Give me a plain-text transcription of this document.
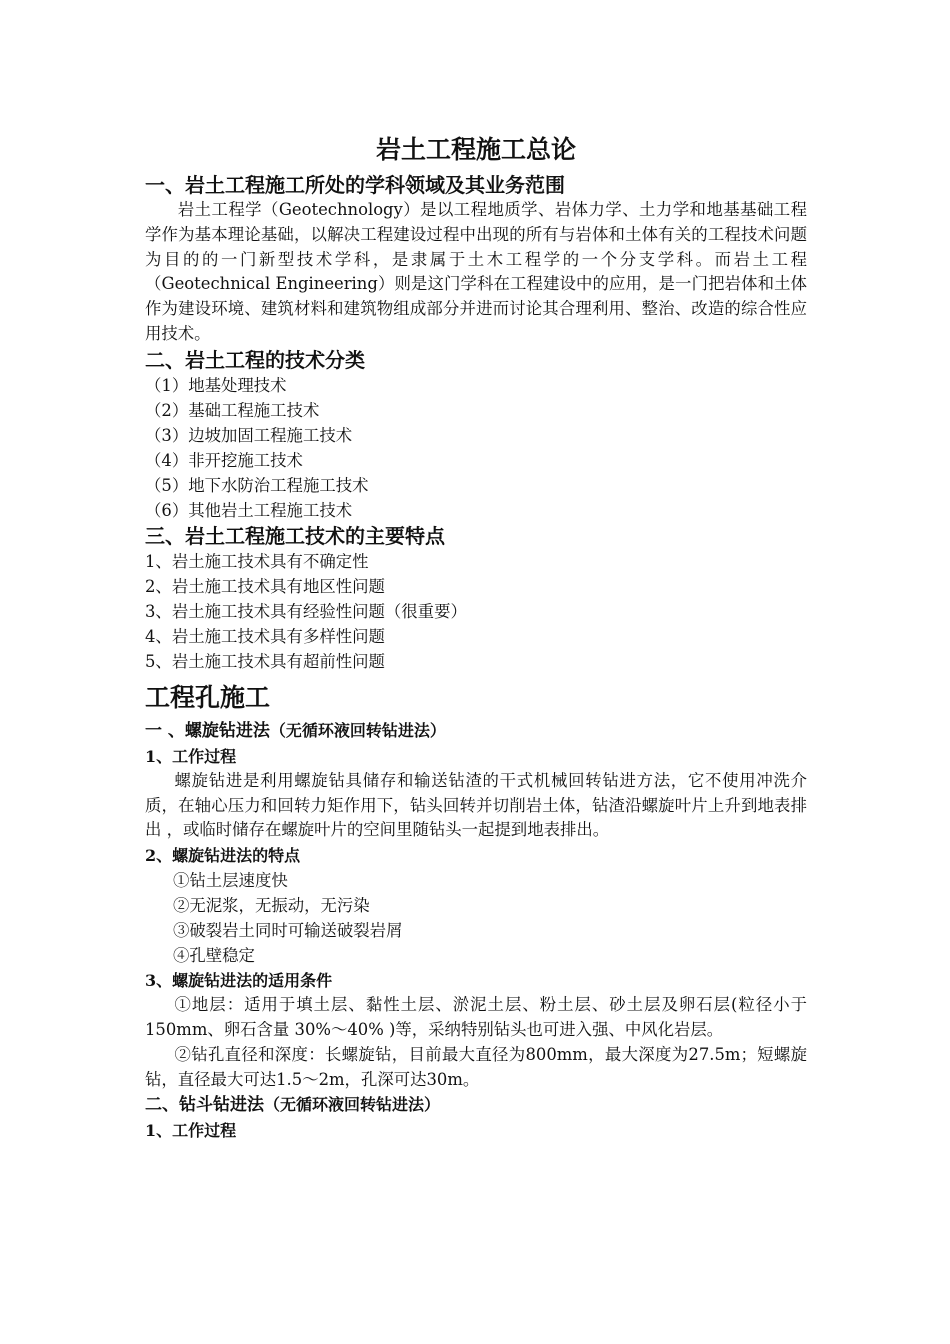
岩土工程施工总论
一、岩土工程施工所处的学科领域及其业务范围

岩土工程学（Geotechnology）是以工程地质学、岩体力学、土力学和地基基础工程学作为基本理论基础，以解决工程建设过程中出现的所有与岩体和土体有关的工程技术问题为目的的一门新型技术学科，是隶属于土木工程学的一个分支学科。而岩土工程（Geotechnical Engineering）则是这门学科在工程建设中的应用，是一门把岩体和土体作为建设环境、建筑材料和建筑物组成部分并进而讨论其合理利用、整治、改造的综合性应用技术。

二、岩土工程的技术分类
（1）地基处理技术
（2）基础工程施工技术
（3）边坡加固工程施工技术
（4）非开挖施工技术
（5）地下水防治工程施工技术
（6）其他岩土工程施工技术
三、岩土工程施工技术的主要特点
1、岩土施工技术具有不确定性
2、岩土施工技术具有地区性问题
3、岩土施工技术具有经验性问题（很重要）
4、岩土施工技术具有多样性问题
5、岩土施工技术具有超前性问题
工程孔施工
一 、螺旋钻进法（无循环液回转钻进法）
1、工作过程

螺旋钻进是利用螺旋钻具储存和输送钻渣的干式机械回转钻进方法，它不使用冲洗介质，在轴心压力和回转力矩作用下，钻头回转并切削岩土体，钻渣沿螺旋叶片上升到地表排出 ，或临时储存在螺旋叶片的空间里随钻头一起提到地表排出。

2、螺旋钻进法的特点
①钻土层速度快
②无泥浆，无振动，无污染
③破裂岩土同时可输送破裂岩屑
④孔壁稳定
3、螺旋钻进法的适用条件

①地层：适用于填土层、黏性土层、淤泥土层、粉土层、砂土层及卵石层(粒径小于150mm、卵石含量 30%～40% )等，采纳特别钻头也可进入强、中风化岩层。

②钻孔直径和深度：长螺旋钻，目前最大直径为800mm，最大深度为27.5m；短螺旋钻，直径最大可达1.5～2m，孔深可达30m。

二、钻斗钻进法（无循环液回转钻进法）
1、工作过程
